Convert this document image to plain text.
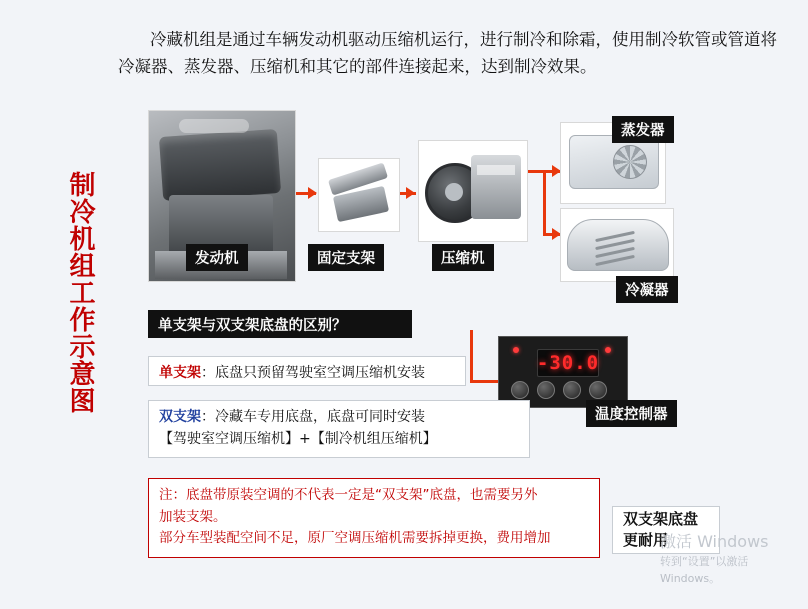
制冷机组工作示意图
冷藏机组是通过车辆发动机驱动压缩机运行，进行制冷和除霜，使用制冷软管或管道将冷凝器、蒸发器、压缩机和其它的部件连接起来，达到制冷效果。
发动机	固定支架	压缩机
蒸发器
冷凝器
-30.0
温度控制器
单支架与双支架底盘的区别？
单支架：底盘只预留驾驶室空调压缩机安装
双支架：冷藏车专用底盘，底盘可同时安装
【驾驶室空调压缩机】+【制冷机组压缩机】
注：底盘带原装空调的不代表一定是“双支架”底盘，也需要另外
加装支架。
部分车型装配空间不足，原厂空调压缩机需要拆掉更换，费用增加
双支架底盘更耐用
激活 Windows
转到“设置”以激活 Windows。
